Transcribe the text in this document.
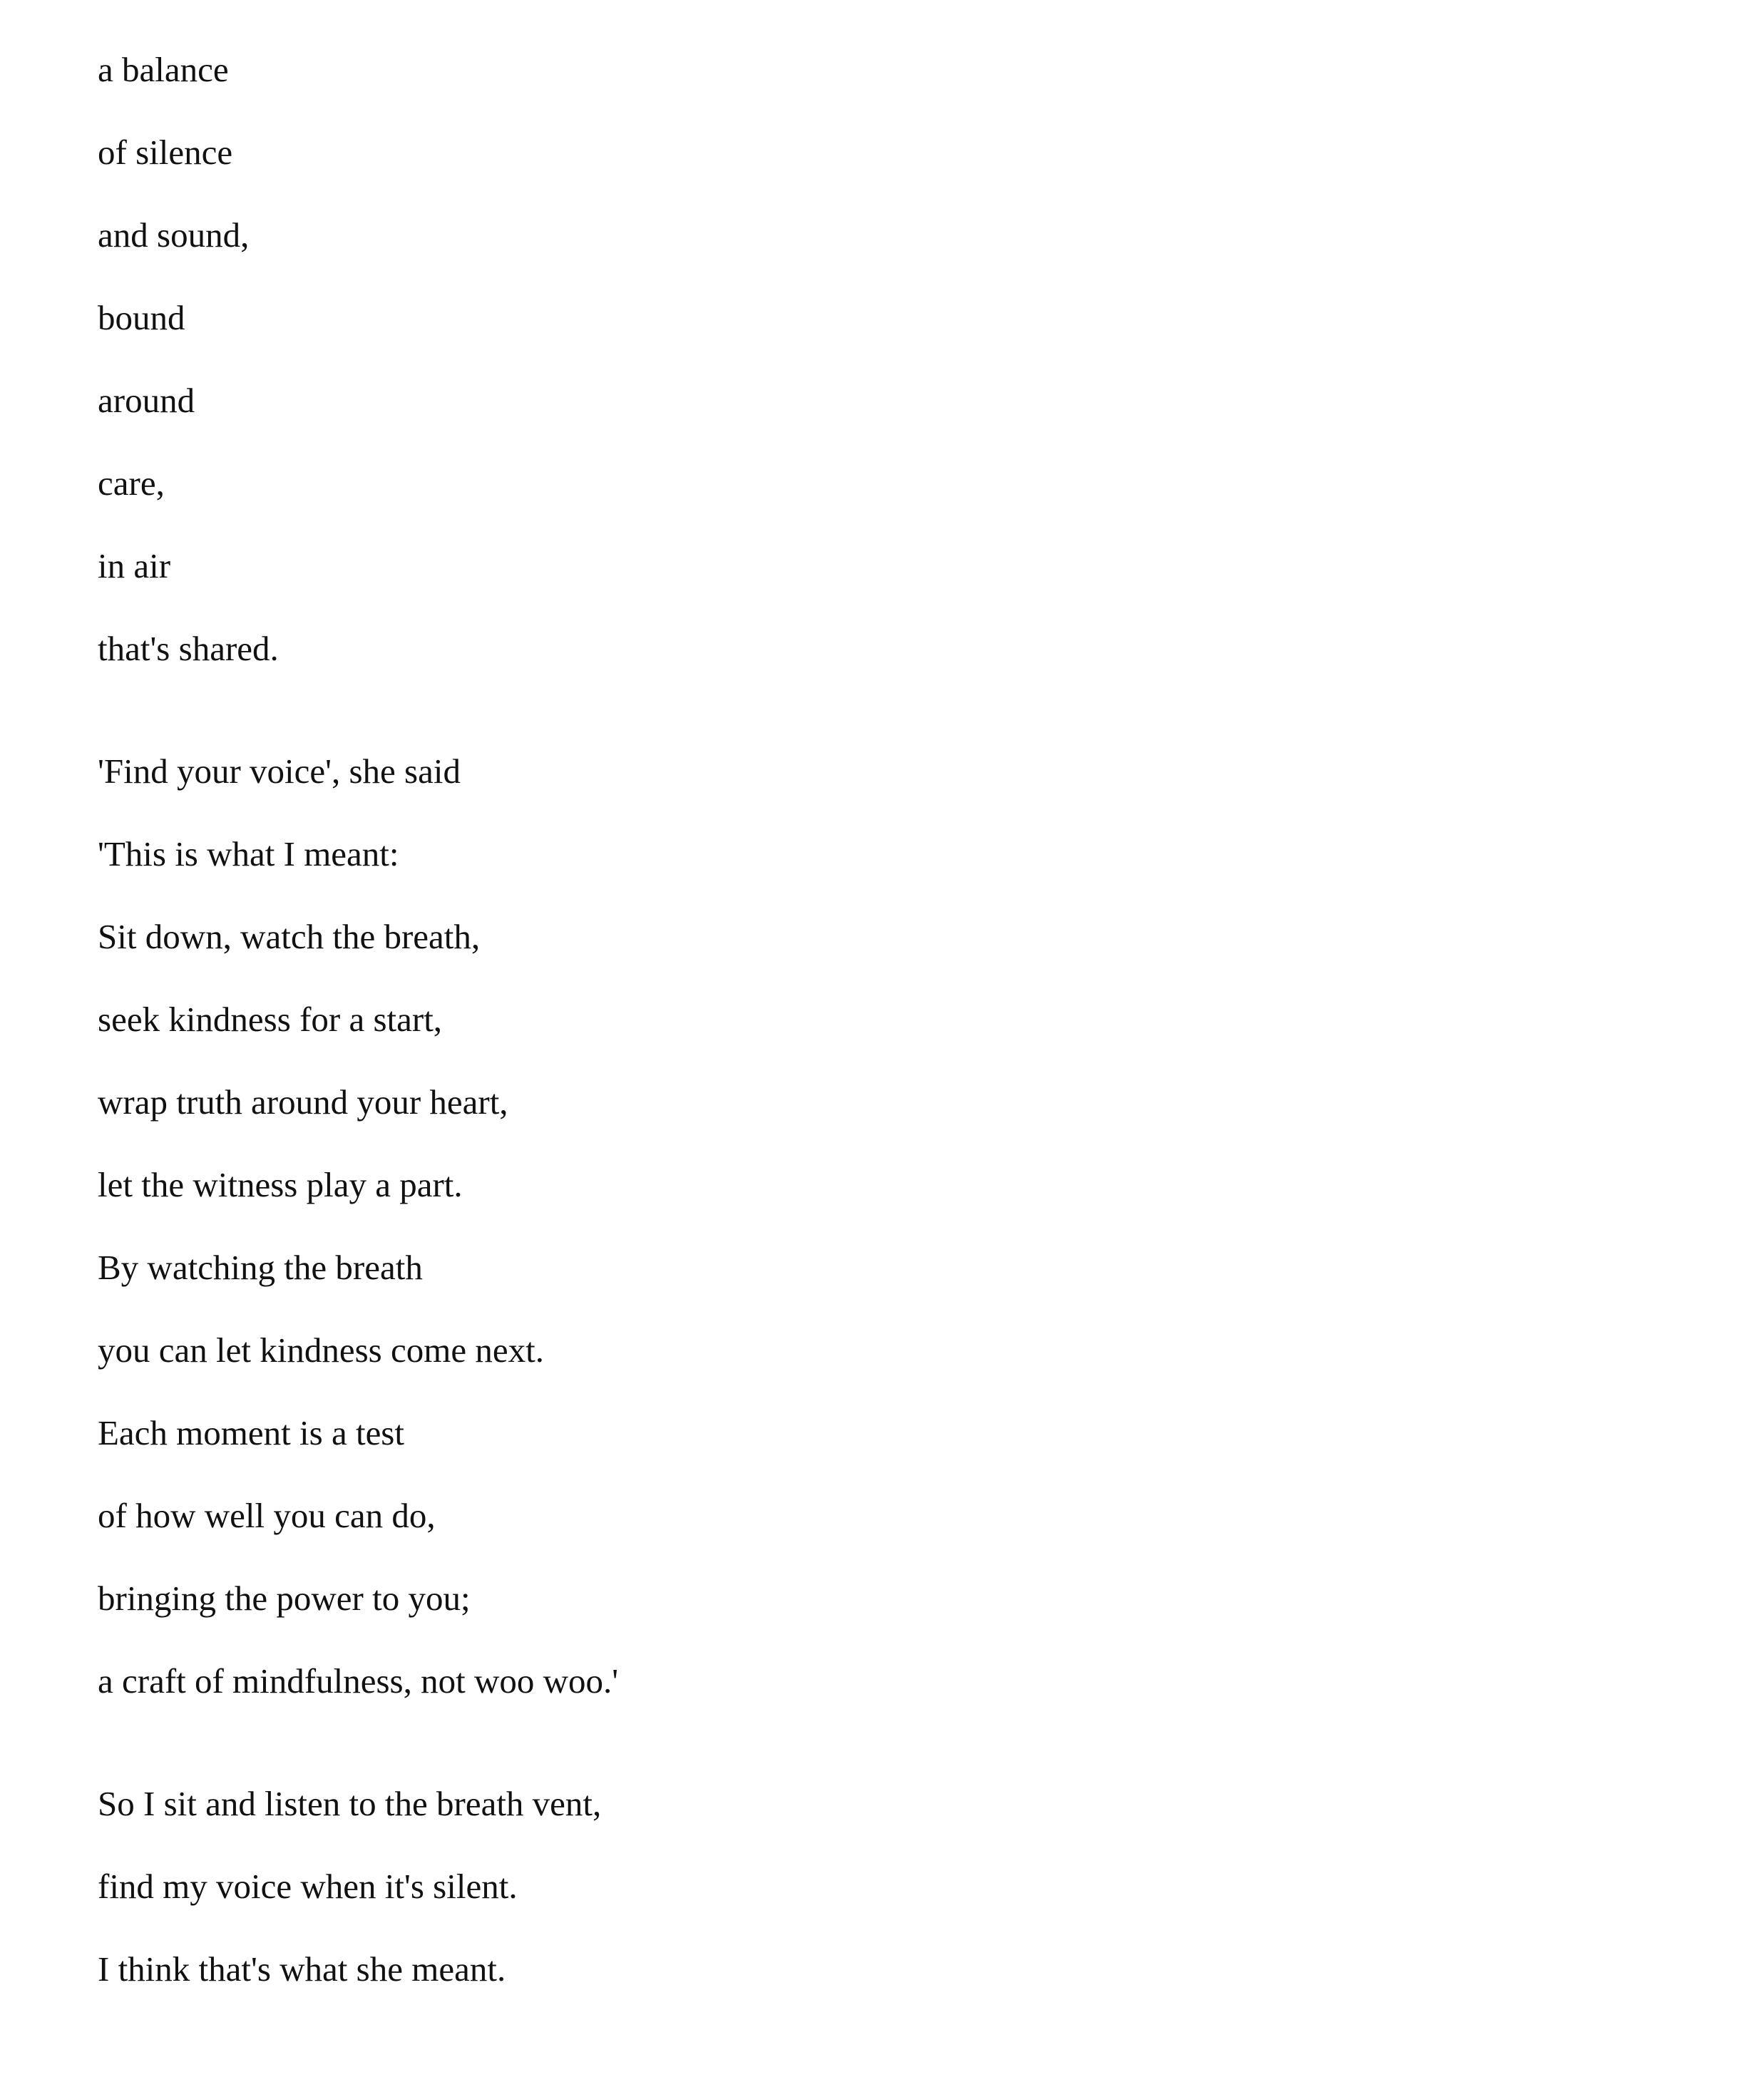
a balance
of silence
and sound,
bound
around
care,
in air
that's shared.
'Find your voice', she said
'This is what I meant:
Sit down, watch the breath,
seek kindness for a start,
wrap truth around your heart,
let the witness play a part.
By watching the breath
you can let kindness come next.
Each moment is a test
of how well you can do,
bringing the power to you;
a craft of mindfulness, not woo woo.'
So I sit and listen to the breath vent,
find my voice when it's silent.
I think that's what she meant.
